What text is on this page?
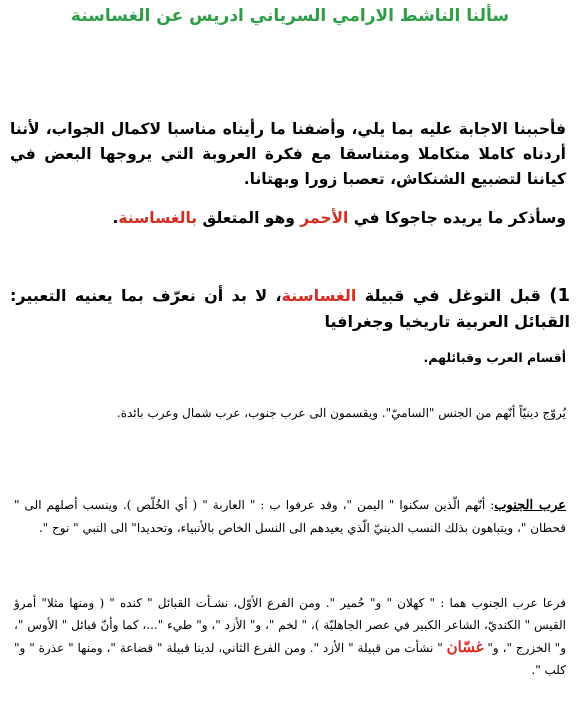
سألنا الناشط الارامي السرياني ادريس عن الغساسنة
فأحببنا الاجابة عليه بما يلي، وأضفنا ما رأيناه مناسبا لاكمال الجواب، لأننا أردناه كاملا متكاملا ومتناسقا مع فكرة العروبة التي يروجها البعض في كياننا لتضبيع الشنكاش، تعصبا زورا وبهتانا.
وسأذكر ما يريده جاجوكا في الأحمر وهو المتعلق بالغساسنة.
1) قبل التوغل في قبيلة الغساسنة، لا بد أن نعرّف بما يعنيه التعبير: القبائل العربية تاريخيا وجغرافيا
أقسام العرب وقبائلهم.
يُروّج دينيّاً أنّهم من الجنس "الساميّ". ويقسمون الى عرب جنوب، عرب شمال وعرب بائدة.
عرب الجنوب: أنّهم الّذين سكنوا " اليمن "، وقد عرفوا ب : " العاربة " ( أي الخُلّص ). وينسب أصلهم الى " قحطان "، ويتباهون بذلك النسب الدينيّ الّذي يعيدهم الى النسل الخاص بالأنبياء، وتحديدا" الى النبي " نوح ".
فرعا عرب الجنوب هما : " كهلان " و" حُمير ". ومن الفرع الأوّل، نشـأت القبائل " كنده " ( ومنها مثلا" أمرؤ القيس " الكنديّ، الشاعر الكبير في عصر الجاهليّة )، " لخم "، و" الأزد "، و" طيء "...، كما وأنّ قبائل " الأوس "، و" الخزرج "، و" غسّان " نشأت من قبيلة " الأزد ". ومن الفرع الثاني، لدينا قبيلة " قضاعة "، ومنها " عذرة " و" كلب ".
